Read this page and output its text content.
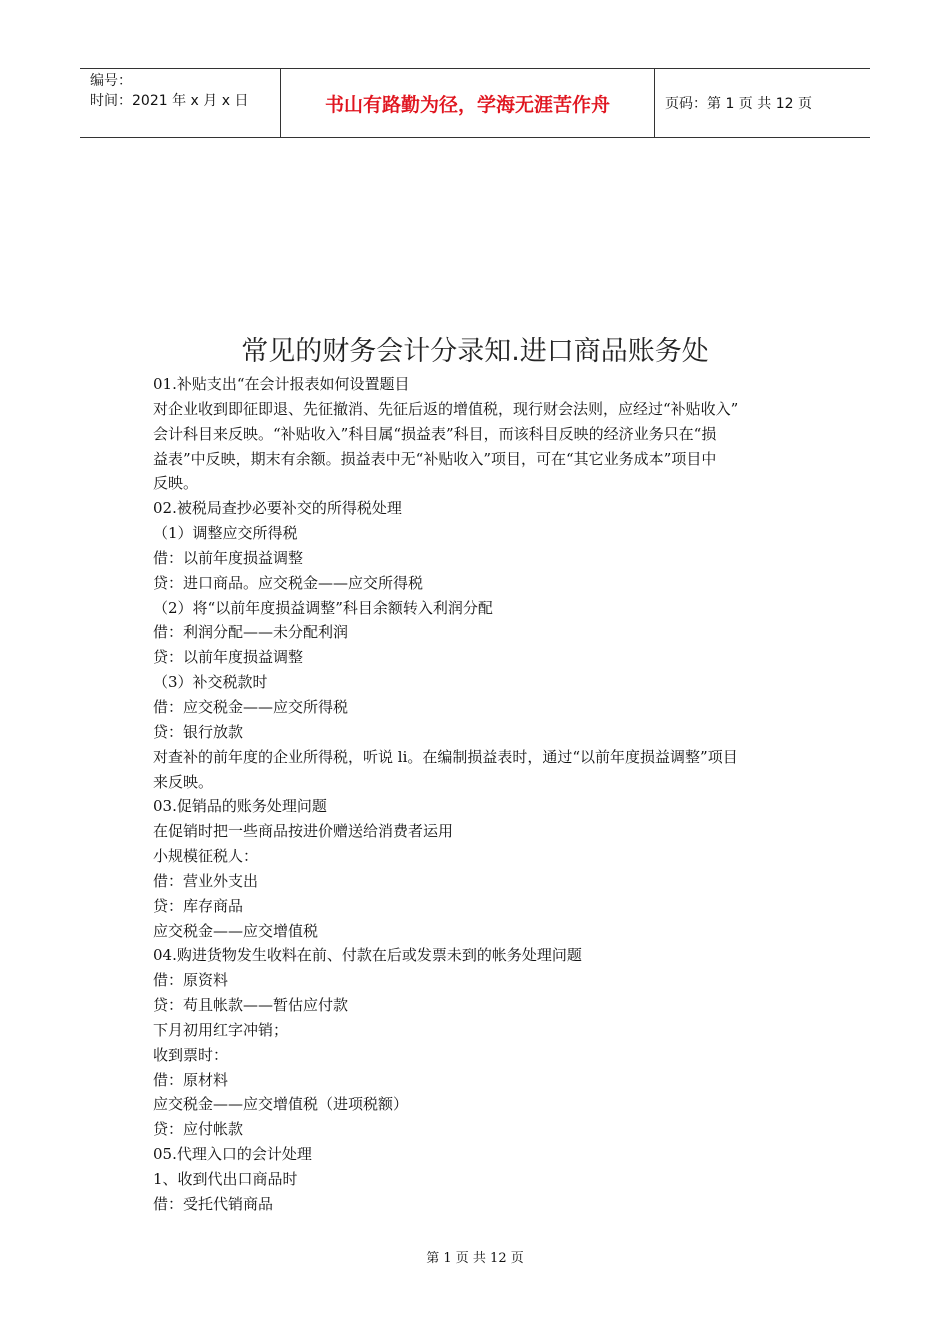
编号：
时间：2021 年 x 月 x 日	书山有路勤为径，学海无涯苦作舟	页码：第 1 页 共 12 页
常见的财务会计分录知.进口商品账务处
01.补贴支出“在会计报表如何设置题目
对企业收到即征即退、先征撤消、先征后返的增值税，现行财会法则，应经过“补贴收入”
会计科目来反映。“补贴收入”科目属“损益表”科目，而该科目反映的经济业务只在“损
益表”中反映，期末有余额。损益表中无“补贴收入”项目，可在“其它业务成本”项目中
反映。
02.被税局查抄必要补交的所得税处理
（1）调整应交所得税
借：以前年度损益调整
贷：进口商品。应交税金——应交所得税
（2）将“以前年度损益调整”科目余额转入利润分配
借：利润分配——未分配利润
贷：以前年度损益调整
（3）补交税款时
借：应交税金——应交所得税
贷：银行放款
对查补的前年度的企业所得税，听说 li。在编制损益表时，通过“以前年度损益调整”项目
来反映。
03.促销品的账务处理问题
在促销时把一些商品按进价赠送给消费者运用
小规模征税人：
借：营业外支出
贷：库存商品
应交税金——应交增值税
04.购进货物发生收料在前、付款在后或发票未到的帐务处理问题
借：原资料
贷：苟且帐款——暂估应付款
下月初用红字冲销；
收到票时：
借：原材料
应交税金——应交增值税（进项税额）
贷：应付帐款
05.代理入口的会计处理
1、收到代出口商品时
借：受托代销商品
第 1 页 共 12 页
